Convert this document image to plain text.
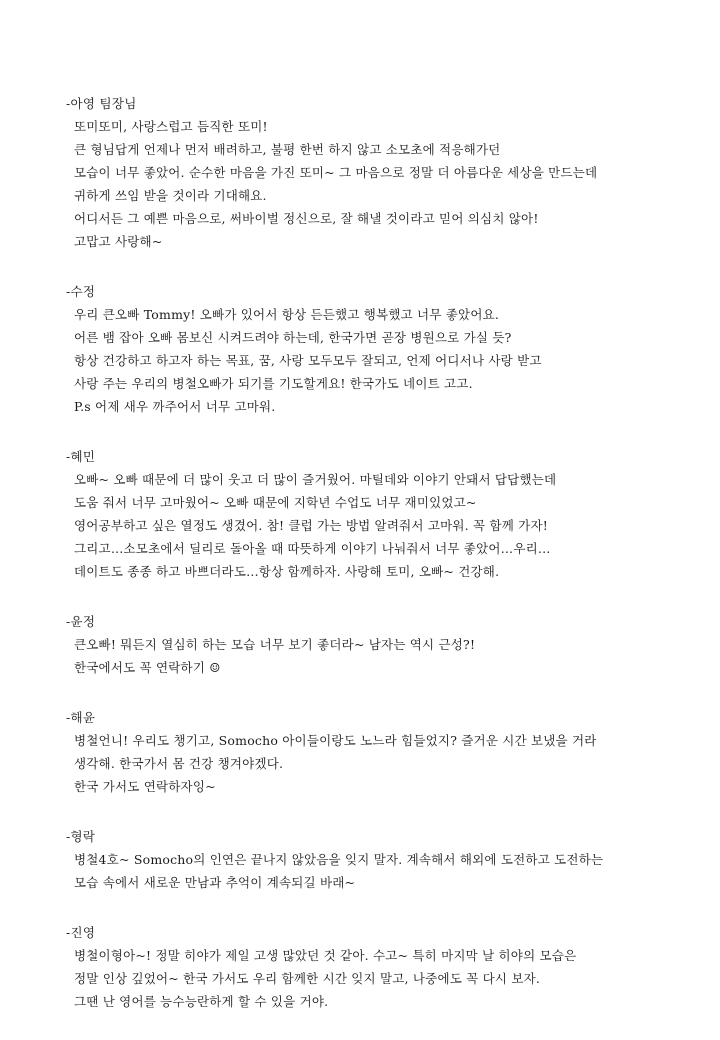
-아영 팀장님
또미또미, 사랑스럽고 듬직한 또미!
큰 형님답게 언제나 먼저 배려하고, 불평 한번 하지 않고 소모초에 적응해가던
모습이 너무 좋았어. 순수한 마음을 가진 또미~ 그 마음으로 정말 더 아름다운 세상을 만드는데
귀하게 쓰임 받을 것이라 기대해요.
어디서든 그 예쁜 마음으로, 써바이벌 정신으로, 잘 해낼 것이라고 믿어 의심치 않아!
고맙고 사랑해~
-수정
우리 큰오빠 Tommy! 오빠가 있어서 항상 든든했고 행복했고 너무 좋았어요.
어른 뱀 잡아 오빠 몸보신 시켜드려야 하는데, 한국가면 곧장 병원으로 가실 듯?
항상 건강하고 하고자 하는 목표, 꿈, 사랑 모두모두 잘되고, 언제 어디서나 사랑 받고
사랑 주는 우리의 병철오빠가 되기를 기도할게요! 한국가도 네이트 고고.
P.s 어제 새우 까주어서 너무 고마워.
-혜민
오빠~ 오빠 때문에 더 많이 웃고 더 많이 즐거웠어. 마틸데와 이야기 안돼서 답답했는데
도움 줘서 너무 고마웠어~ 오빠 때문에 지학년 수업도 너무 재미있었고~
영어공부하고 싶은 열정도 생겼어. 참! 클럽 가는 방법 알려줘서 고마워. 꼭 함께 가자!
그리고…소모초에서 딜리로 돌아올 때 따뜻하게 이야기 나눠줘서 너무 좋았어…우리…
데이트도 종종 하고 바쁘더라도…항상 함께하자. 사랑해 토미, 오빠~ 건강해.
-윤정
큰오빠! 뭐든지 열심히 하는 모습 너무 보기 좋더라~ 남자는 역시 근성?!
한국에서도 꼭 연락하기 ☺
-해윤
병철언니! 우리도 챙기고, Somocho 아이들이랑도 노느라 힘들었지? 즐거운 시간 보냈을 거라
생각해. 한국가서 몸 건강 챙겨야겠다.
한국 가서도 연락하자잉~
-형락
병철4호~ Somocho의 인연은 끝나지 않았음을 잊지 말자. 계속해서 해외에 도전하고 도전하는
모습 속에서 새로운 만남과 추억이 계속되길 바래~
-진영
병철이형아~! 정말 히야가 제일 고생 많았던 것 같아. 수고~ 특히 마지막 날 히야의 모습은
정말 인상 깊었어~ 한국 가서도 우리 함께한 시간 잊지 말고, 나중에도 꼭 다시 보자.
그땐 난 영어를 능수능란하게 할 수 있을 거야.
